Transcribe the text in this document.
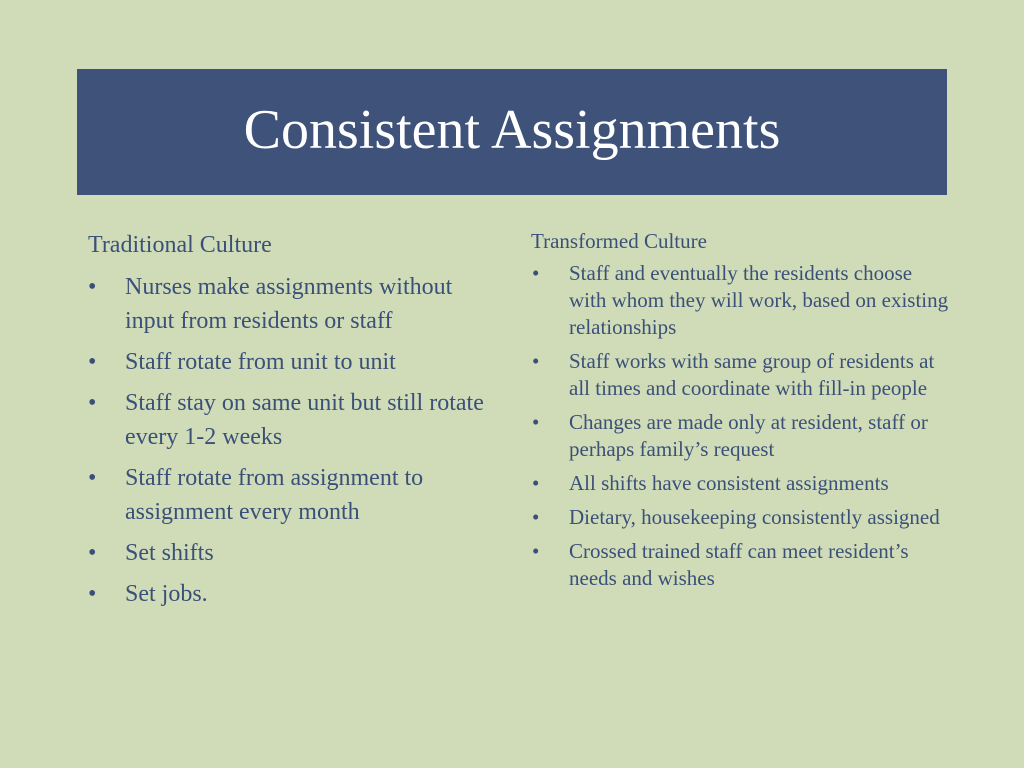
Consistent Assignments
Traditional Culture
• Nurses make assignments without input from residents or staff
• Staff rotate from unit to unit
• Staff stay on same unit but still rotate every 1-2 weeks
• Staff rotate from assignment to assignment every month
• Set shifts
• Set jobs.
Transformed Culture
• Staff and eventually the residents choose with whom they will work, based on existing relationships
• Staff works with same group of residents at all times and coordinate with fill-in people
• Changes are made only at resident, staff or perhaps family’s request
• All shifts have consistent assignments
• Dietary, housekeeping consistently assigned
• Crossed trained staff can meet resident’s needs and wishes
